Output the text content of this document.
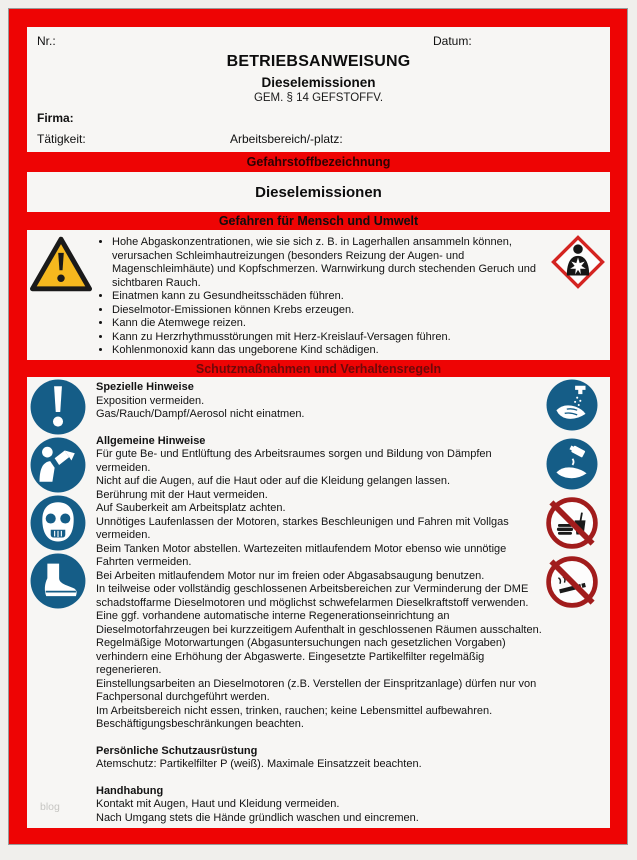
Nr.:	Datum:
BETRIEBSANWEISUNG
Dieselemissionen
GEM. § 14 GEFSTOFFV.
Firma:
Tätigkeit:	Arbeitsbereich/-platz:
Gefahrstoffbezeichnung
Dieselemissionen
Gefahren für Mensch und Umwelt
• Hohe Abgaskonzentrationen, wie sie sich z. B. in Lagerhallen ansammeln können, verursachen Schleimhautreizungen (besonders Reizung der Augen- und Magenschleimhäute) und Kopfschmerzen. Warnwirkung durch stechenden Geruch und sichtbaren Rauch.
• Einatmen kann zu Gesundheitsschäden führen.
• Dieselmotor-Emissionen können Krebs erzeugen.
• Kann die Atemwege reizen.
• Kann zu Herzrhythmusstörungen mit Herz-Kreislauf-Versagen führen.
• Kohlenmonoxid kann das ungeborene Kind schädigen.
Schutzmaßnahmen und Verhaltensregeln
Spezielle Hinweise
Exposition vermeiden.
Gas/Rauch/Dampf/Aerosol nicht einatmen.
Allgemeine Hinweise
Für gute Be- und Entlüftung des Arbeitsraumes sorgen und Bildung von Dämpfen vermeiden.
Nicht auf die Augen, auf die Haut oder auf die Kleidung gelangen lassen.
Berührung mit der Haut vermeiden.
Auf Sauberkeit am Arbeitsplatz achten.
Unnötiges Laufenlassen der Motoren, starkes Beschleunigen und Fahren mit Vollgas vermeiden.
Beim Tanken Motor abstellen. Wartezeiten mitlaufendem Motor ebenso wie unnötige Fahrten vermeiden.
Bei Arbeiten mitlaufendem Motor nur im freien oder Abgasabsaugung benutzen.
In teilweise oder vollständig geschlossenen Arbeitsbereichen zur Verminderung der DME schadstoffarme Dieselmotoren und möglichst schwefelarmen Dieselkraftstoff verwenden.
Eine ggf. vorhandene automatische interne Regenerationseinrichtung an Dieselmotorfahrzeugen bei kurzzeitigem Aufenthalt in geschlossenen Räumen ausschalten.
Regelmäßige Motorwartungen (Abgasuntersuchungen nach gesetzlichen Vorgaben) verhindern eine Erhöhung der Abgaswerte. Eingesetzte Partikelfilter regelmäßig regenerieren.
Einstellungsarbeiten an Dieselmotoren (z.B. Verstellen der Einspritzanlage) dürfen nur von Fachpersonal durchgeführt werden.
Im Arbeitsbereich nicht essen, trinken, rauchen; keine Lebensmittel aufbewahren.
Beschäftigungsbeschränkungen beachten.
Persönliche Schutzausrüstung
Atemschutz: Partikelfilter P (weiß). Maximale Einsatzzeit beachten.
Handhabung
Kontakt mit Augen, Haut und Kleidung vermeiden.
Nach Umgang stets die Hände gründlich waschen und eincremen.
blog
